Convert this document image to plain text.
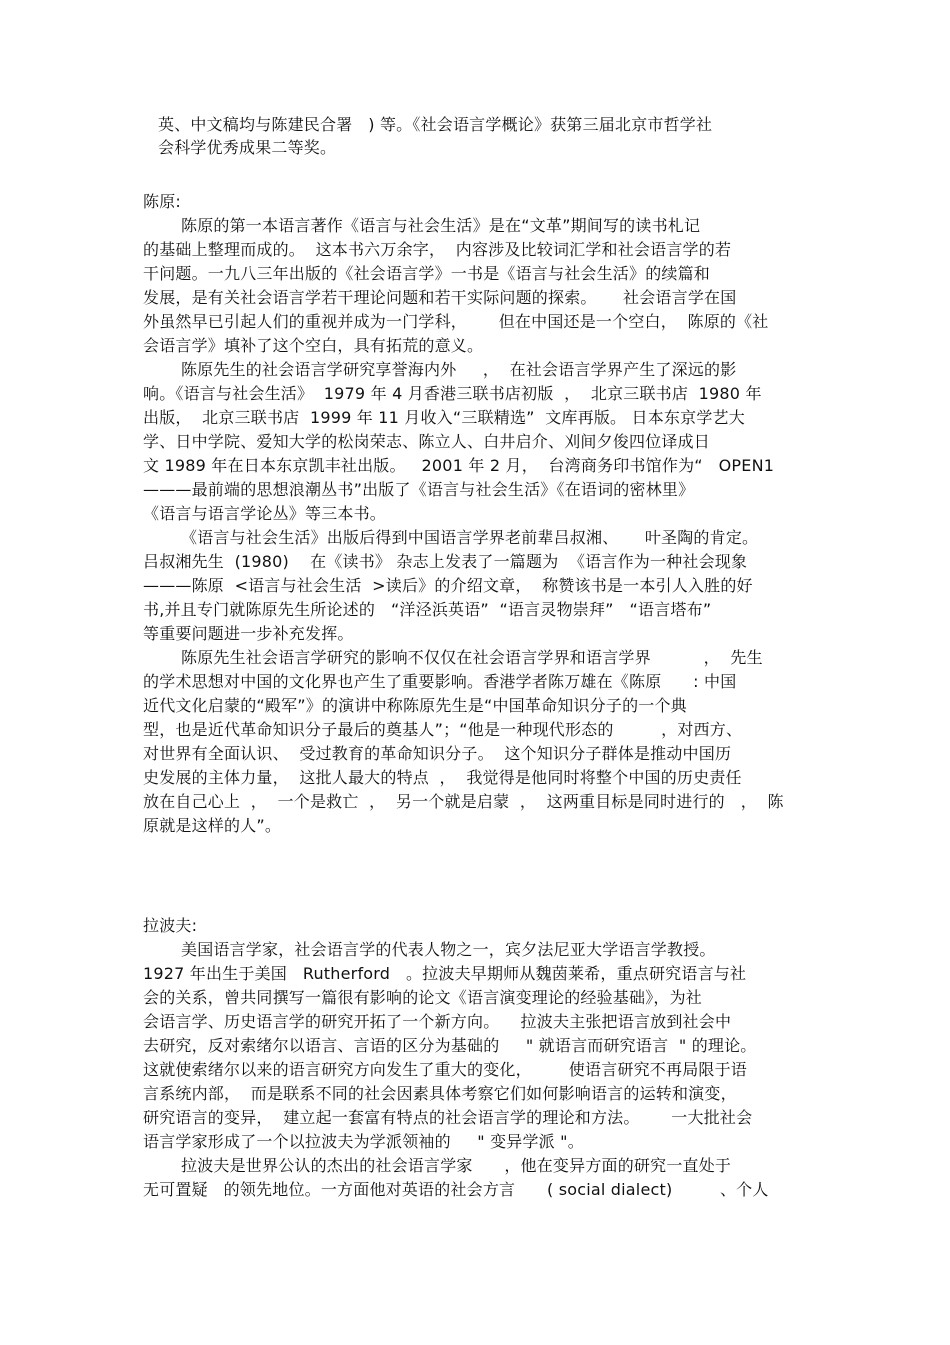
英、中文稿均与陈建民合署   ) 等。《社会语言学概论》获第三届北京市哲学社
会科学优秀成果二等奖。
陈原:
陈原的第一本语言著作《语言与社会生活》是在“文革”期间写的读书札记
的基础上整理而成的。  这本书六万余字，  内容涉及比较词汇学和社会语言学的若
干问题。一九八三年出版的《社会语言学》一书是《语言与社会生活》的续篇和
发展，是有关社会语言学若干理论问题和若干实际问题的探索。     社会语言学在国
外虽然早已引起人们的重视并成为一门学科，      但在中国还是一个空白，  陈原的《社
会语言学》填补了这个空白，具有拓荒的意义。
陈原先生的社会语言学研究享誉海内外     ，  在社会语言学界产生了深远的影
响。《语言与社会生活》  1979 年 4 月香港三联书店初版  ，  北京三联书店  1980 年
出版，  北京三联书店  1999 年 11 月收入“三联精选”  文库再版。 日本东京学艺大
学、日中学院、爱知大学的松岗荣志、陈立人、白井启介、刈间夕俊四位译成日
文 1989 年在日本东京凯丰社出版。   2001 年 2 月，  台湾商务印书馆作为“   OPEN1
———最前端的思想浪潮丛书”出版了《语言与社会生活》《在语词的密林里》
《语言与语言学论丛》等三本书。
《语言与社会生活》出版后得到中国语言学界老前辈吕叔湘、     叶圣陶的肯定。
吕叔湘先生  (1980)    在《读书》 杂志上发表了一篇题为  《语言作为一种社会现象
———陈原  <语言与社会生活  >读后》的介绍文章，  称赞该书是一本引人入胜的好
书,并且专门就陈原先生所论述的   “洋泾浜英语”  “语言灵物崇拜”   “语言塔布”
等重要问题进一步补充发挥。
陈原先生社会语言学研究的影响不仅仅在社会语言学界和语言学界          ，  先生
的学术思想对中国的文化界也产生了重要影响。香港学者陈万雄在《陈原      : 中国
近代文化启蒙的“殿军”》的演讲中称陈原先生是“中国革命知识分子的一个典
型，也是近代革命知识分子最后的奠基人”；“他是一种现代形态的         ，对西方、
对世界有全面认识、  受过教育的革命知识分子。  这个知识分子群体是推动中国历
史发展的主体力量，  这批人最大的特点  ，  我觉得是他同时将整个中国的历史责任
放在自己心上  ，  一个是救亡  ，  另一个就是启蒙  ，  这两重目标是同时进行的   ，  陈
原就是这样的人”。
拉波夫:
美国语言学家，社会语言学的代表人物之一，宾夕法尼亚大学语言学教授。
1927 年出生于美国   Rutherford   。拉波夫早期师从魏茵莱希，重点研究语言与社
会的关系，曾共同撰写一篇很有影响的论文《语言演变理论的经验基础》，为社
会语言学、历史语言学的研究开拓了一个新方向。    拉波夫主张把语言放到社会中
去研究，反对索绪尔以语言、言语的区分为基础的     " 就语言而研究语言  " 的理论。
这就使索绪尔以来的语言研究方向发生了重大的变化，       使语言研究不再局限于语
言系统内部，  而是联系不同的社会因素具体考察它们如何影响语言的运转和演变，
研究语言的变异，  建立起一套富有特点的社会语言学的理论和方法。      一大批社会
语言学家形成了一个以拉波夫为学派领袖的     " 变异学派 "。
拉波夫是世界公认的杰出的社会语言学家      ，他在变异方面的研究一直处于
无可置疑   的领先地位。一方面他对英语的社会方言      ( social dialect)         、个人
